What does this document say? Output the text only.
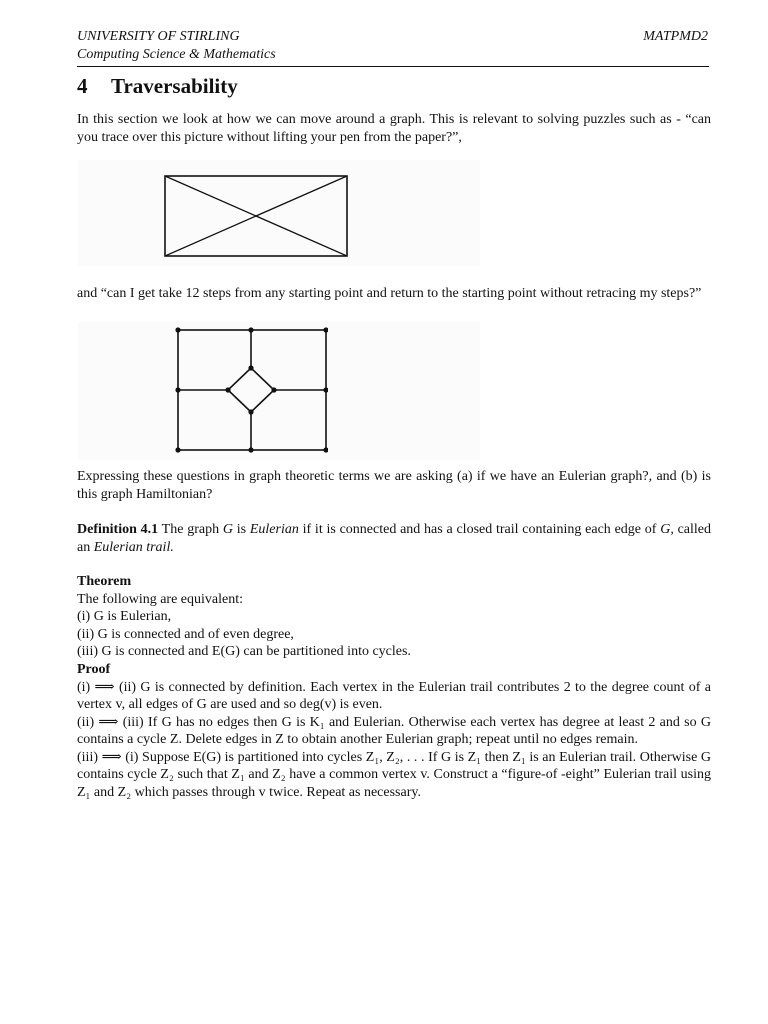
UNIVERSITY OF STIRLING
Computing Science & Mathematics
MATPMD2
4 Traversability

In this section we look at how we can move around a graph. This is relevant to solving puzzles such as - “can you trace over this picture without lifting your pen from the paper?”,

and “can I get take 12 steps from any starting point and return to the starting point without retracing my steps?”

Expressing these questions in graph theoretic terms we are asking (a) if we have an Eulerian graph?, and (b) is this graph Hamiltonian?

Definition 4.1 The graph G is Eulerian if it is connected and has a closed trail containing each edge of G, called an Eulerian trail.

Theorem
The following are equivalent:
(i) G is Eulerian,
(ii) G is connected and of even degree,
(iii) G is connected and E(G) can be partitioned into cycles.
Proof

(i) ⟹ (ii) G is connected by definition. Each vertex in the Eulerian trail contributes 2 to the degree count of a vertex v, all edges of G are used and so deg(v) is even.

(ii) ⟹ (iii) If G has no edges then G is K₁ and Eulerian. Otherwise each vertex has degree at least 2 and so G contains a cycle Z. Delete edges in Z to obtain another Eulerian graph; repeat until no edges remain.

(iii) ⟹ (i) Suppose E(G) is partitioned into cycles Z₁, Z₂, . . . If G is Z₁ then Z₁ is an Eulerian trail. Otherwise G contains cycle Z₂ such that Z₁ and Z₂ have a common vertex v. Construct a “figure-of -eight” Eulerian trail using Z₁ and Z₂ which passes through v twice. Repeat as necessary.
